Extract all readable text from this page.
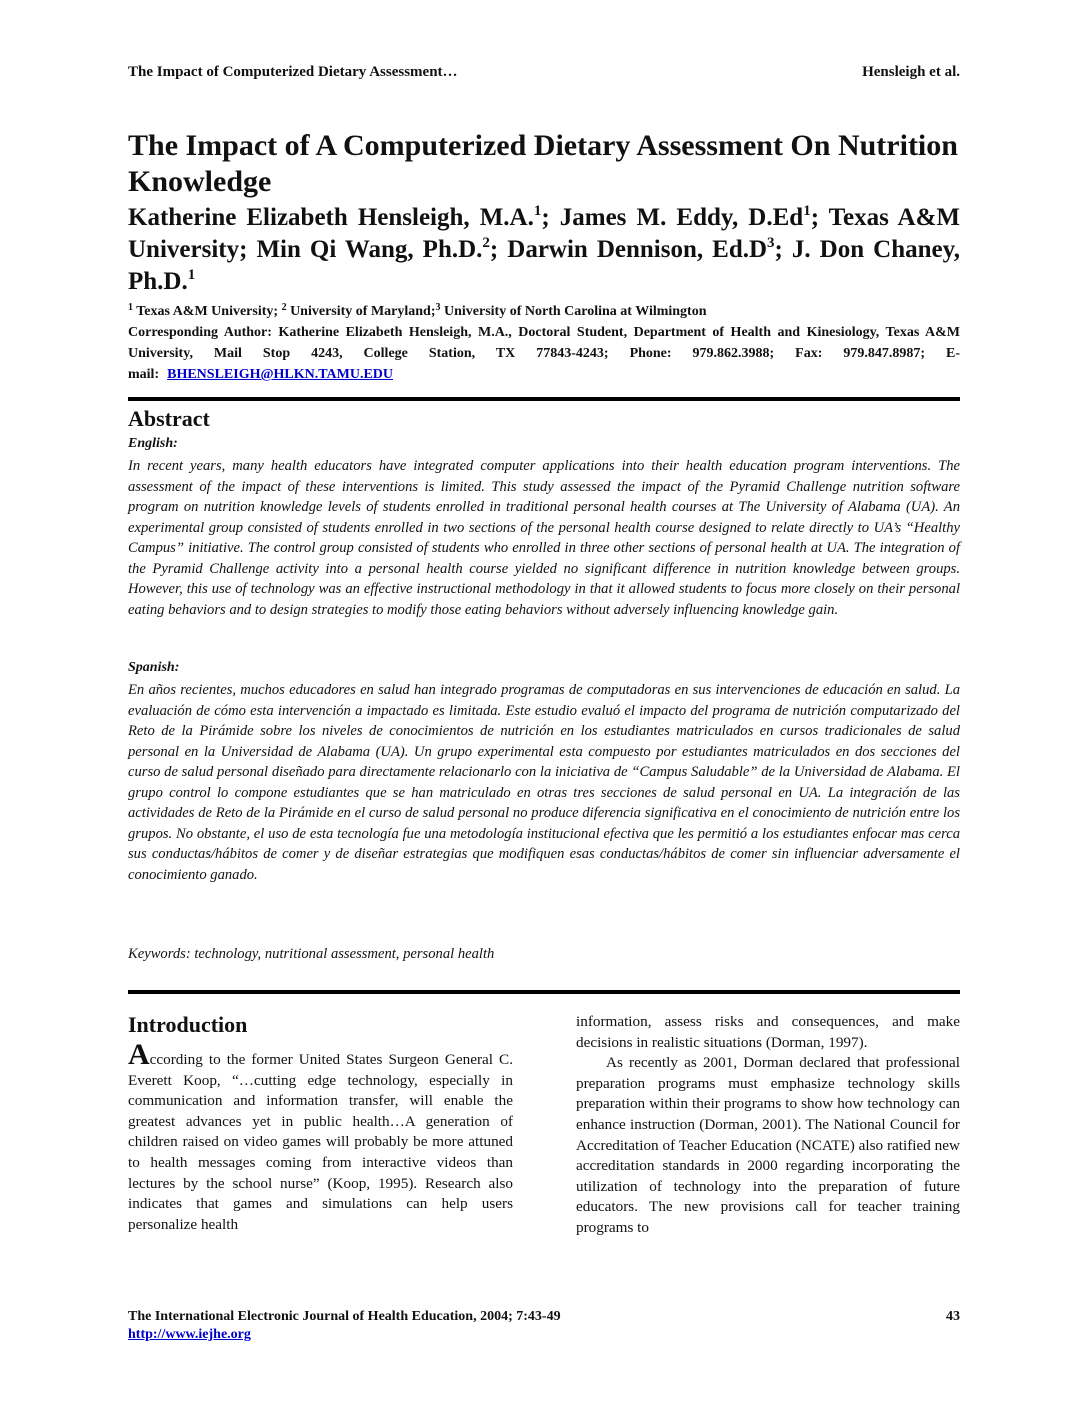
The Impact of Computerized Dietary Assessment…	Hensleigh et al.
The Impact of A Computerized Dietary Assessment On Nutrition Knowledge
Katherine Elizabeth Hensleigh, M.A.$^1$; James M. Eddy, D.Ed$^1$; Texas A&M University; Min Qi Wang, Ph.D.$^2$; Darwin Dennison, $Ed.D^3$; J. Don Chaney, Ph.D.$^1$
$^1$ Texas A&M University; $^2$ University of Maryland;$^3$ University of North Carolina at Wilmington
Corresponding Author: Katherine Elizabeth Hensleigh, M.A., Doctoral Student, Department of Health and Kinesiology, Texas A&M University, Mail Stop 4243, College Station, TX 77843-4243; Phone: 979.862.3988; Fax: 979.847.8987; E-mail: BHENSLEIGH@HLKN.TAMU.EDU
Abstract
English:

In recent years, many health educators have integrated computer applications into their health education program interventions. The assessment of the impact of these interventions is limited. This study assessed the impact of the Pyramid Challenge nutrition software program on nutrition knowledge levels of students enrolled in traditional personal health courses at The University of Alabama (UA). An experimental group consisted of students enrolled in two sections of the personal health course designed to relate directly to UA’s “Healthy Campus” initiative. The control group consisted of students who enrolled in three other sections of personal health at UA. The integration of the Pyramid Challenge activity into a personal health course yielded no significant difference in nutrition knowledge between groups. However, this use of technology was an effective instructional methodology in that it allowed students to focus more closely on their personal eating behaviors and to design strategies to modify those eating behaviors without adversely influencing knowledge gain.

Spanish:

En años recientes, muchos educadores en salud han integrado programas de computadoras en sus intervenciones de educación en salud. La evaluación de cómo esta intervención a impactado es limitada. Este estudio evaluó el impacto del programa de nutrición computarizado del Reto de la Pirámide sobre los niveles de conocimientos de nutrición en los estudiantes matriculados en cursos tradicionales de salud personal en la Universidad de Alabama (UA). Un grupo experimental esta compuesto por estudiantes matriculados en dos secciones del curso de salud personal diseñado para directamente relacionarlo con la iniciativa de “Campus Saludable” de la Universidad de Alabama. El grupo control lo compone estudiantes que se han matriculado en otras tres secciones de salud personal en UA. La integración de las actividades de Reto de la Pirámide en el curso de salud personal no produce diferencia significativa en el conocimiento de nutrición entre los grupos. No obstante, el uso de esta tecnología fue una metodología institucional efectiva que les permitió a los estudiantes enfocar mas cerca sus conductas/hábitos de comer y de diseñar estrategias que modifiquen esas conductas/hábitos de comer sin influenciar adversamente el conocimiento ganado.

Keywords: technology, nutritional assessment, personal health
Introduction

According to the former United States Surgeon General C. Everett Koop, “…cutting edge technology, especially in communication and information transfer, will enable the greatest advances yet in public health…A generation of children raised on video games will probably be more attuned to health messages coming from interactive videos than lectures by the school nurse” (Koop, 1995). Research also indicates that games and simulations can help users personalize health

information, assess risks and consequences, and make decisions in realistic situations (Dorman, 1997).
As recently as 2001, Dorman declared that professional preparation programs must emphasize technology skills preparation within their programs to show how technology can enhance instruction (Dorman, 2001). The National Council for Accreditation of Teacher Education (NCATE) also ratified new accreditation standards in 2000 regarding incorporating the utilization of technology into the preparation of future educators. The new provisions call for teacher training programs to
The International Electronic Journal of Health Education, 2004; 7:43-49	43
http://www.iejhe.org
